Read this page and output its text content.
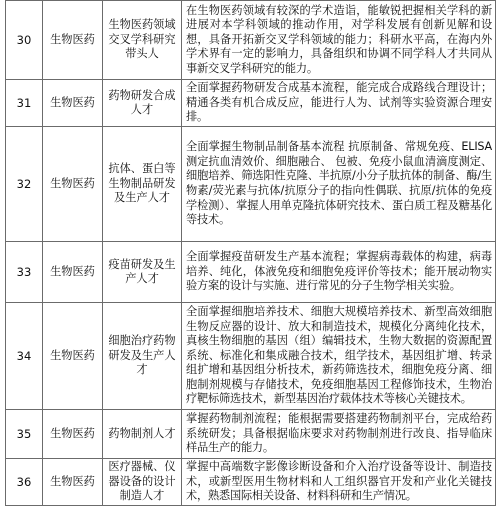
30	生物医药	生物医药领域交叉学科研究带头人	在生物医药领域有较深的学术造诣，能敏锐把握相关学科的新进展对本学科领域的推动作用，对学科发展有创新见解和设想，具备开拓新交叉学科领域的能力；科研水平高，在海内外学术界有一定的影响力，具备组织和协调不同学科人才共同从事新交叉学科研究的能力。
31	生物医药	药物研发合成人才	全面掌握药物研发合成基本流程，能完成合成路线合理设计；精通各类有机合成反应，能进行人为、试剂等实验资源合理安排。
32	生物医药	抗体、蛋白等生物制品研发及生产人才	全面掌握生物制品制备基本流程 抗原制备、常规免疫、ELISA测定抗血清效价、细胞融合、 包被、免疫小鼠血清滴度测定、细胞培养、筛选阳性克隆、半抗原/小分子肽抗体的制备、酶/生物素/荧光素与抗体/抗原分子的指向性偶联、抗原/抗体的免疫学检测）、掌握人用单克隆抗体研究技术、蛋白质工程及糖基化等技术。
33	生物医药	疫苗研发及生产人才	全面掌握疫苗研发生产基本流程；掌握病毒载体的构建，病毒培养、纯化，体液免疫和细胞免疫评价等技术；能开展动物实验方案的设计与实施、进行常见的分子生物学相关实验。
34	生物医药	细胞治疗药物研发及生产人才	全面掌握细胞培养技术、细胞大规模培养技术、新型高效细胞生物反应器的设计、放大和制造技术，规模化分离纯化技术，真核生物细胞的基因（组）编辑技术，生物大数据的资源配置系统、标准化和集成融合技术，组学技术，基因组扩增、转录组扩增和基因组分析技术，新药筛选技术，细胞免疫分离、细胞制剂规模与存储技术，免疫细胞基因工程修饰技术，生物治疗靶标筛选技术，新型基因治疗载体技术等核心关键技术。
35	生物医药	药物制剂人才	掌握药物制剂流程；能根据需要搭建药物制剂平台，完成给药系统研发；具备根据临床要求对药物制剂进行改良、指导临床样品生产的能力。
36	生物医药	医疗器械、仪器设备的设计制造人才	掌握中高端数字影像诊断设备和介入治疗设备等设计、制造技术，或新型医用生物材料和人工组织器官开发和产业化关键技术，熟悉国际相关设备、材料科研和生产情况。
